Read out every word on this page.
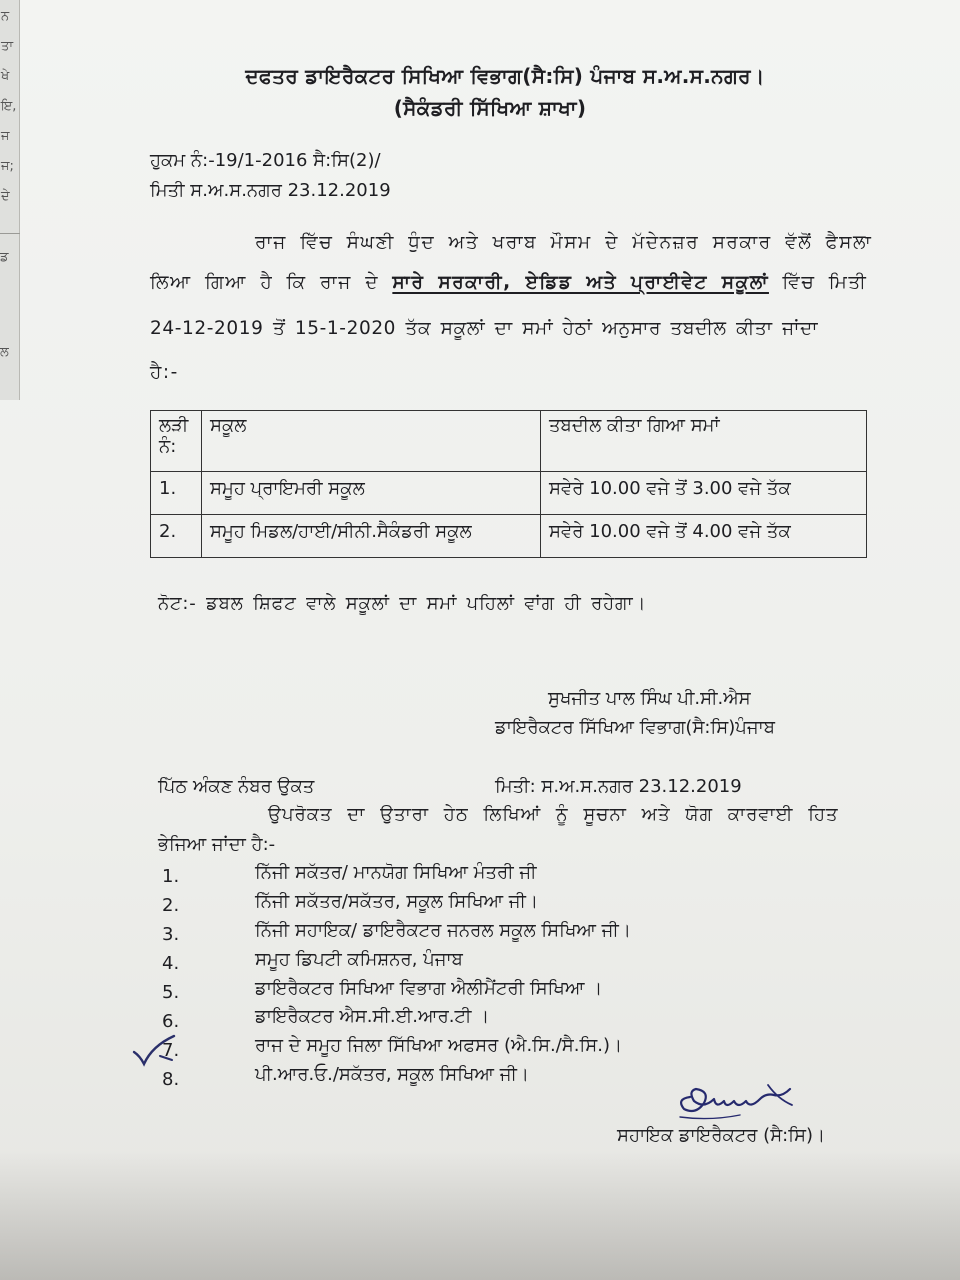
ਨ
ਤਾ
ਖੇ
ਇ,
ਜ
ਜ;
ਦੇ
ਡ
ਲ
ਦਫਤਰ ਡਾਇਰੈਕਟਰ ਸਿਖਿਆ ਵਿਭਾਗ(ਸੈ:ਸਿ) ਪੰਜਾਬ ਸ.ਅ.ਸ.ਨਗਰ।
(ਸੈਕੰਡਰੀ ਸਿੱਖਿਆ ਸ਼ਾਖਾ)
ਹੁਕਮ ਨੰ:-19/1-2016 ਸੈ:ਸਿ(2)/
ਮਿਤੀ ਸ.ਅ.ਸ.ਨਗਰ 23.12.2019
ਰਾਜ ਵਿੱਚ ਸੰਘਣੀ ਧੁੰਦ ਅਤੇ ਖਰਾਬ ਮੌਸਮ ਦੇ ਮੱਦੇਨਜ਼ਰ ਸਰਕਾਰ ਵੱਲੋਂ ਫੈਸਲਾ
ਲਿਆ ਗਿਆ ਹੈ ਕਿ ਰਾਜ ਦੇ ਸਾਰੇ ਸਰਕਾਰੀ, ਏਡਿਡ ਅਤੇ ਪ੍ਰਾਈਵੇਟ ਸਕੂਲਾਂ ਵਿੱਚ ਮਿਤੀ
24-12-2019 ਤੋਂ 15-1-2020 ਤੱਕ ਸਕੂਲਾਂ ਦਾ ਸਮਾਂ ਹੇਠਾਂ ਅਨੁਸਾਰ ਤਬਦੀਲ ਕੀਤਾ ਜਾਂਦਾ
ਹੈ:-
ਲੜੀ ਨੰ:	ਸਕੂਲ	ਤਬਦੀਲ ਕੀਤਾ ਗਿਆ ਸਮਾਂ
1.	ਸਮੂਹ ਪ੍ਰਾਇਮਰੀ ਸਕੂਲ	ਸਵੇਰੇ 10.00 ਵਜੇ ਤੋਂ 3.00 ਵਜੇ ਤੱਕ
2.	ਸਮੂਹ ਮਿਡਲ/ਹਾਈ/ਸੀਨੀ.ਸੈਕੰਡਰੀ ਸਕੂਲ	ਸਵੇਰੇ 10.00 ਵਜੇ ਤੋਂ 4.00 ਵਜੇ ਤੱਕ
ਨੋਟ:- ਡਬਲ ਸ਼ਿਫਟ ਵਾਲੇ ਸਕੂਲਾਂ ਦਾ ਸਮਾਂ ਪਹਿਲਾਂ ਵਾਂਗ ਹੀ ਰਹੇਗਾ।
ਸੁਖਜੀਤ ਪਾਲ ਸਿੰਘ ਪੀ.ਸੀ.ਐਸ
ਡਾਇਰੈਕਟਰ ਸਿੱਖਿਆ ਵਿਭਾਗ(ਸੈ:ਸਿ)ਪੰਜਾਬ
ਪਿੱਠ ਅੰਕਣ ਨੰਬਰ ਉਕਤ	ਮਿਤੀ: ਸ.ਅ.ਸ.ਨਗਰ 23.12.2019
ਉਪਰੋਕਤ ਦਾ ਉਤਾਰਾ ਹੇਠ ਲਿਖਿਆਂ ਨੂੰ ਸੂਚਨਾ ਅਤੇ ਯੋਗ ਕਾਰਵਾਈ ਹਿਤ
ਭੇਜਿਆ ਜਾਂਦਾ ਹੈ:-
1.	ਨਿੱਜੀ ਸਕੱਤਰ/ ਮਾਨਯੋਗ ਸਿਖਿਆ ਮੰਤਰੀ ਜੀ
2.	ਨਿੱਜੀ ਸਕੱਤਰ/ਸਕੱਤਰ, ਸਕੂਲ ਸਿਖਿਆ ਜੀ।
3.	ਨਿੱਜੀ ਸਹਾਇਕ/ ਡਾਇਰੈਕਟਰ ਜਨਰਲ ਸਕੂਲ ਸਿਖਿਆ ਜੀ।
4.	ਸਮੂਹ ਡਿਪਟੀ ਕਮਿਸ਼ਨਰ, ਪੰਜਾਬ
5.	ਡਾਇਰੈਕਟਰ ਸਿਖਿਆ ਵਿਭਾਗ ਐਲੀਮੈਂਟਰੀ ਸਿਖਿਆ ।
6.	ਡਾਇਰੈਕਟਰ ਐਸ.ਸੀ.ਈ.ਆਰ.ਟੀ ।
7.	ਰਾਜ ਦੇ ਸਮੂਹ ਜਿਲਾ ਸਿੱਖਿਆ ਅਫਸਰ (ਐ.ਸਿ./ਸੈ.ਸਿ.)।
8.	ਪੀ.ਆਰ.ਓ./ਸਕੱਤਰ, ਸਕੂਲ ਸਿਖਿਆ ਜੀ।
ਸਹਾਇਕ ਡਾਇਰੈਕਟਰ (ਸੈ:ਸਿ)।
